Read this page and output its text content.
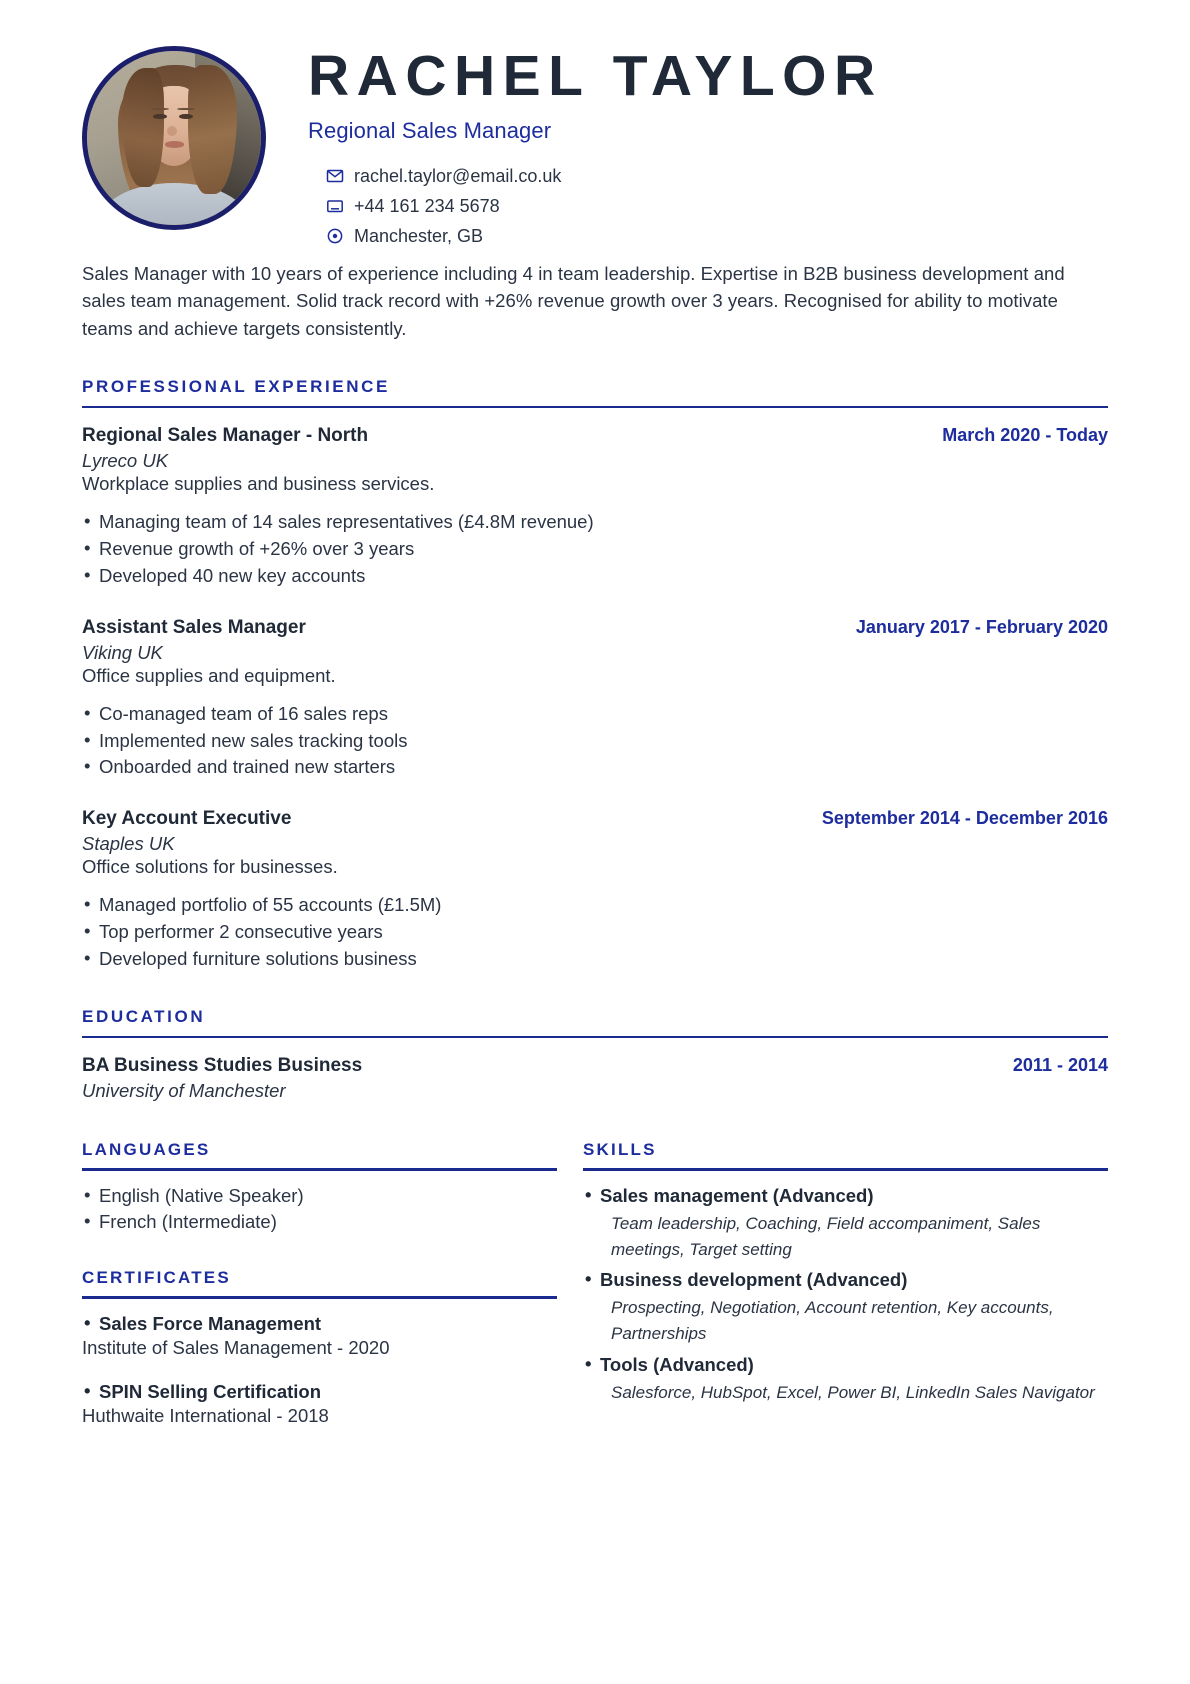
RACHEL TAYLOR
Regional Sales Manager
rachel.taylor@email.co.uk
+44 161 234 5678
Manchester, GB
Sales Manager with 10 years of experience including 4 in team leadership. Expertise in B2B business development and sales team management. Solid track record with +26% revenue growth over 3 years. Recognised for ability to motivate teams and achieve targets consistently.
PROFESSIONAL EXPERIENCE
Regional Sales Manager - North	March 2020 - Today
Lyreco UK
Workplace supplies and business services.
• Managing team of 14 sales representatives (£4.8M revenue)
• Revenue growth of +26% over 3 years
• Developed 40 new key accounts
Assistant Sales Manager	January 2017 - February 2020
Viking UK
Office supplies and equipment.
• Co-managed team of 16 sales reps
• Implemented new sales tracking tools
• Onboarded and trained new starters
Key Account Executive	September 2014 - December 2016
Staples UK
Office solutions for businesses.
• Managed portfolio of 55 accounts (£1.5M)
• Top performer 2 consecutive years
• Developed furniture solutions business
EDUCATION
BA Business Studies Business	2011 - 2014
University of Manchester
LANGUAGES
• English (Native Speaker)
• French (Intermediate)
CERTIFICATES
• Sales Force Management
Institute of Sales Management - 2020
• SPIN Selling Certification
Huthwaite International - 2018
SKILLS
• Sales management (Advanced)
Team leadership, Coaching, Field accompaniment, Sales meetings, Target setting
• Business development (Advanced)
Prospecting, Negotiation, Account retention, Key accounts, Partnerships
• Tools (Advanced)
Salesforce, HubSpot, Excel, Power BI, LinkedIn Sales Navigator
